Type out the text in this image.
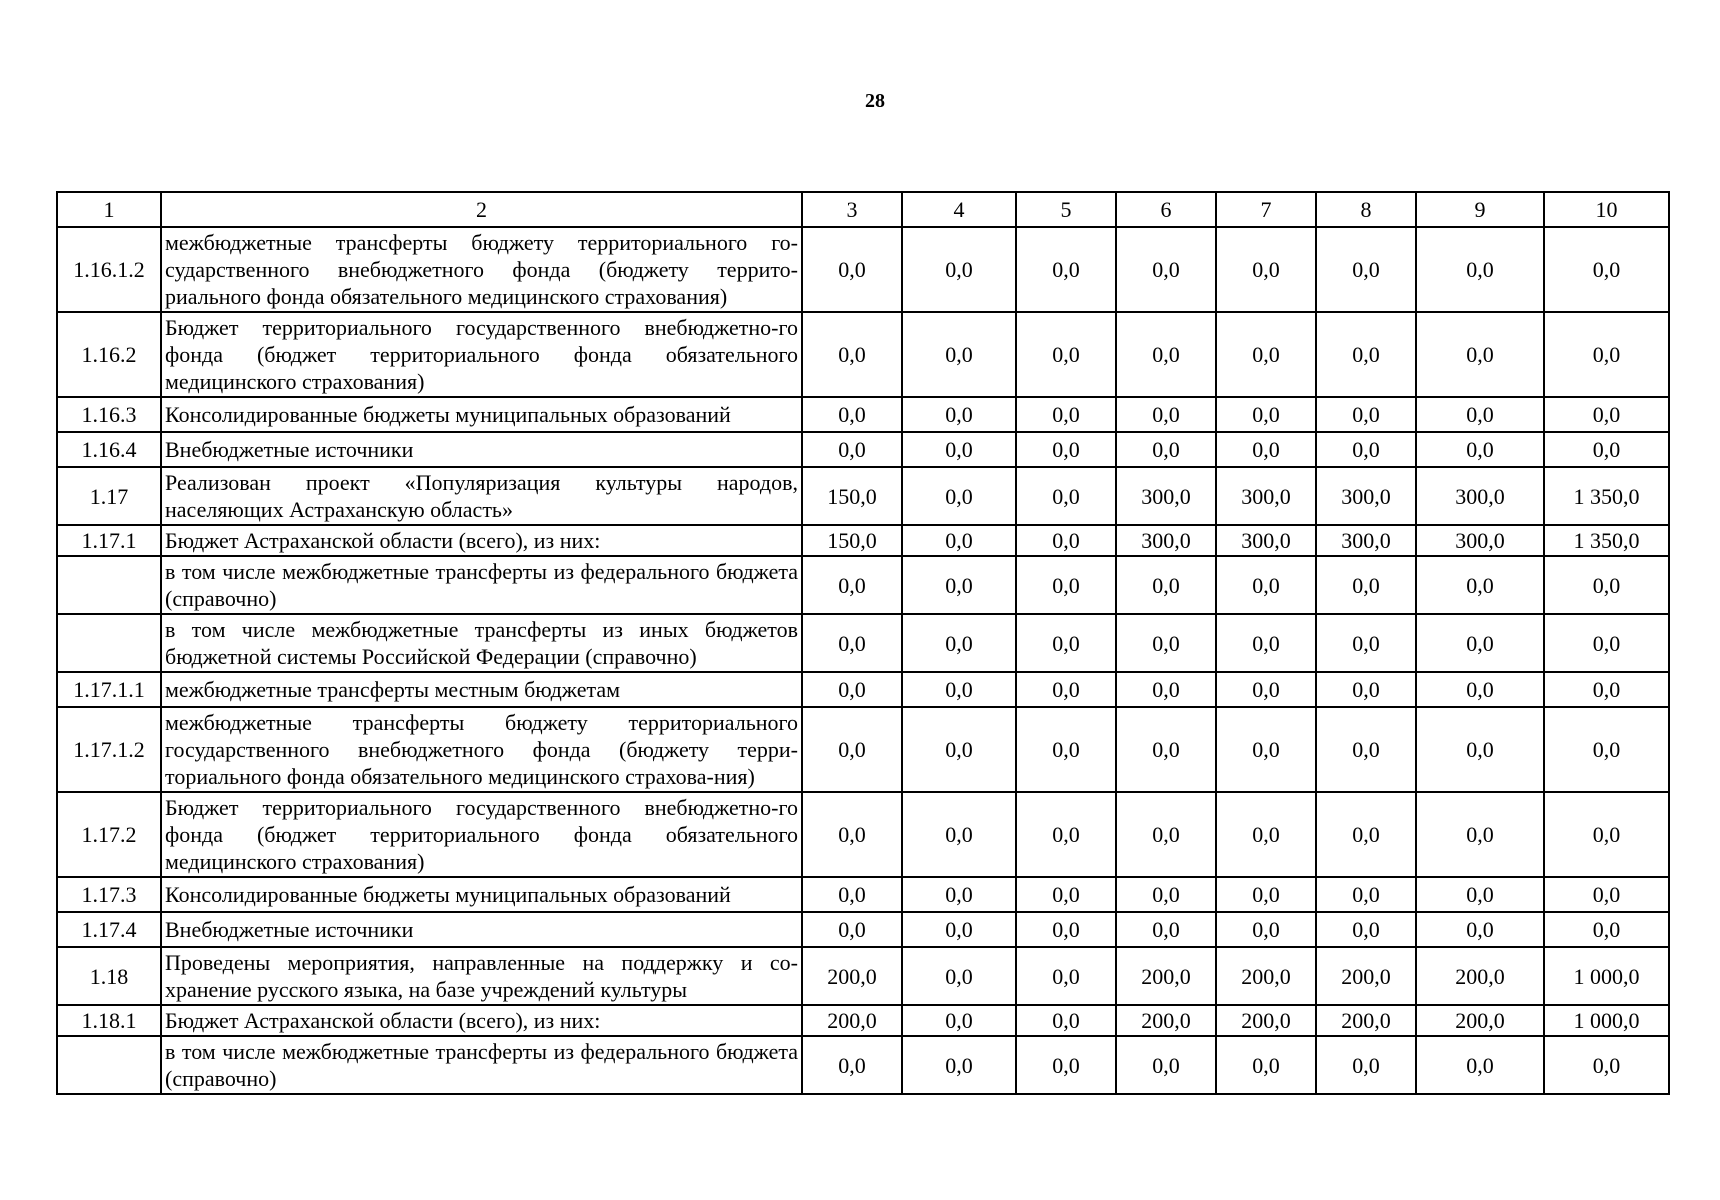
28
1	2	3	4	5	6	7	8	9	10
1.16.1.2	межбюджетные трансферты бюджету территориального го-сударственного внебюджетного фонда (бюджету террито-риального фонда обязательного медицинского страхования)	0,0	0,0	0,0	0,0	0,0	0,0	0,0	0,0
1.16.2	Бюджет территориального государственного внебюджетно-го фонда (бюджет территориального фонда обязательного медицинского страхования)	0,0	0,0	0,0	0,0	0,0	0,0	0,0	0,0
1.16.3	Консолидированные бюджеты муниципальных образований	0,0	0,0	0,0	0,0	0,0	0,0	0,0	0,0
1.16.4	Внебюджетные источники	0,0	0,0	0,0	0,0	0,0	0,0	0,0	0,0
1.17	Реализован проект «Популяризация культуры народов, населяющих Астраханскую область»	150,0	0,0	0,0	300,0	300,0	300,0	300,0	1 350,0
1.17.1	Бюджет Астраханской области (всего), из них:	150,0	0,0	0,0	300,0	300,0	300,0	300,0	1 350,0
	в том числе межбюджетные трансферты из федерального бюджета (справочно)	0,0	0,0	0,0	0,0	0,0	0,0	0,0	0,0
	в том числе межбюджетные трансферты из иных бюджетов бюджетной системы Российской Федерации (справочно)	0,0	0,0	0,0	0,0	0,0	0,0	0,0	0,0
1.17.1.1	межбюджетные трансферты местным бюджетам	0,0	0,0	0,0	0,0	0,0	0,0	0,0	0,0
1.17.1.2	межбюджетные трансферты бюджету территориального государственного внебюджетного фонда (бюджету терри-ториального фонда обязательного медицинского страхова-ния)	0,0	0,0	0,0	0,0	0,0	0,0	0,0	0,0
1.17.2	Бюджет территориального государственного внебюджетно-го фонда (бюджет территориального фонда обязательного медицинского страхования)	0,0	0,0	0,0	0,0	0,0	0,0	0,0	0,0
1.17.3	Консолидированные бюджеты муниципальных образований	0,0	0,0	0,0	0,0	0,0	0,0	0,0	0,0
1.17.4	Внебюджетные источники	0,0	0,0	0,0	0,0	0,0	0,0	0,0	0,0
1.18	Проведены мероприятия, направленные на поддержку и со-хранение русского языка, на базе учреждений культуры	200,0	0,0	0,0	200,0	200,0	200,0	200,0	1 000,0
1.18.1	Бюджет Астраханской области (всего), из них:	200,0	0,0	0,0	200,0	200,0	200,0	200,0	1 000,0
	в том числе межбюджетные трансферты из федерального бюджета (справочно)	0,0	0,0	0,0	0,0	0,0	0,0	0,0	0,0
